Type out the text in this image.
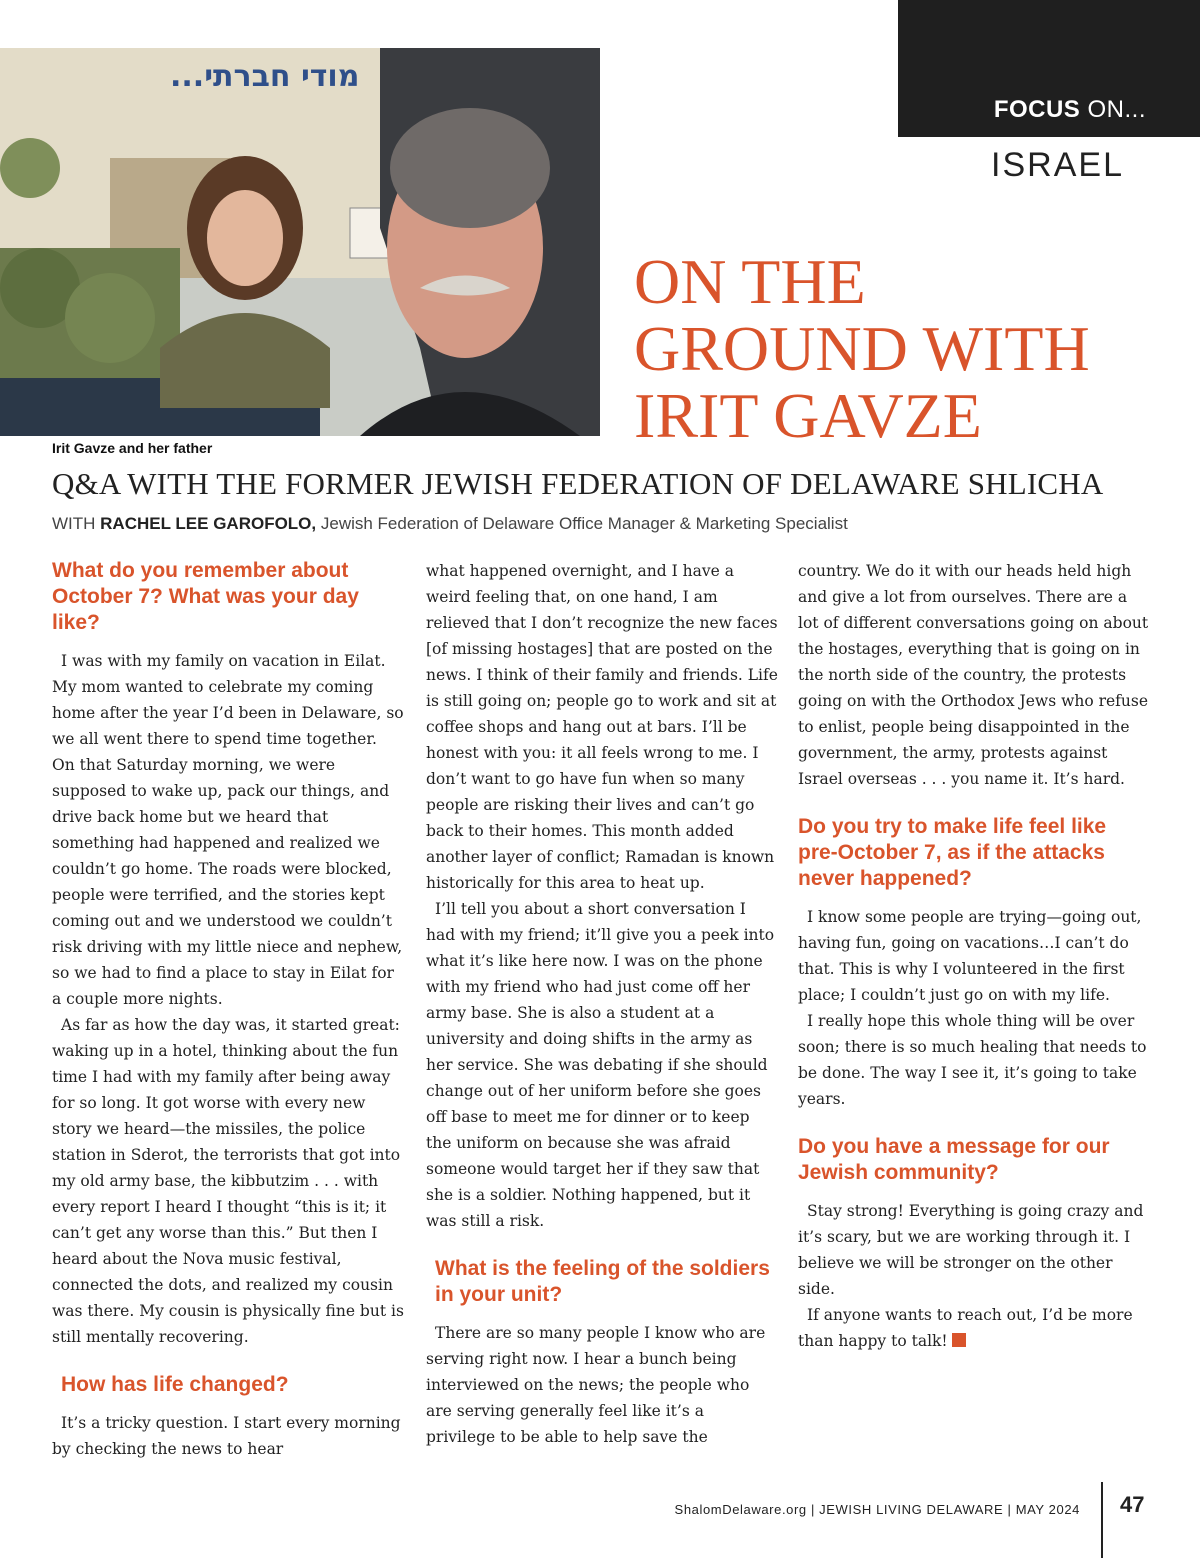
...מודי חברתי
Irit Gavze and her father
FOCUS ON...
ISRAEL
ON THE
GROUND WITH
IRIT GAVZE
Q&A WITH THE FORMER JEWISH FEDERATION OF DELAWARE SHLICHA
WITH RACHEL LEE GAROFOLO, Jewish Federation of Delaware Office Manager & Marketing Specialist
What do you remember about October 7? What was your day like?

I was with my family on vacation in Eilat. My mom wanted to celebrate my coming home after the year I’d been in Delaware, so we all went there to spend time together. On that Saturday morning, we were supposed to wake up, pack our things, and drive back home but we heard that something had happened and realized we couldn’t go home. The roads were blocked, people were terrified, and the stories kept coming out and we understood we couldn’t risk driving with my little niece and nephew, so we had to find a place to stay in Eilat for a couple more nights.

As far as how the day was, it started great: waking up in a hotel, thinking about the fun time I had with my family after being away for so long. It got worse with every new story we heard—the missiles, the police station in Sderot, the terrorists that got into my old army base, the kibbutzim . . . with every report I heard I thought “this is it; it can’t get any worse than this.” But then I heard about the Nova music festival, connected the dots, and realized my cousin was there. My cousin is physically fine but is still mentally recovering.

How has life changed?

It’s a tricky question. I start every morning by checking the news to hear

what happened overnight, and I have a weird feeling that, on one hand, I am relieved that I don’t recognize the new faces [of missing hostages] that are posted on the news. I think of their family and friends. Life is still going on; people go to work and sit at coffee shops and hang out at bars. I’ll be honest with you: it all feels wrong to me. I don’t want to go have fun when so many people are risking their lives and can’t go back to their homes. This month added another layer of conflict; Ramadan is known historically for this area to heat up.

I’ll tell you about a short conversation I had with my friend; it’ll give you a peek into what it’s like here now. I was on the phone with my friend who had just come off her army base. She is also a student at a university and doing shifts in the army as her service. She was debating if she should change out of her uniform before she goes off base to meet me for dinner or to keep the uniform on because she was afraid someone would target her if they saw that she is a soldier. Nothing happened, but it was still a risk.

What is the feeling of the soldiers in your unit?

There are so many people I know who are serving right now. I hear a bunch being interviewed on the news; the people who are serving generally feel like it’s a privilege to be able to help save the

country. We do it with our heads held high and give a lot from ourselves. There are a lot of different conversations going on about the hostages, everything that is going on in the north side of the country, the protests going on with the Orthodox Jews who refuse to enlist, people being disappointed in the government, the army, protests against Israel overseas . . . you name it. It’s hard.

Do you try to make life feel like pre-October 7, as if the attacks never happened?

I know some people are trying—going out, having fun, going on vacations…I can’t do that. This is why I volunteered in the first place; I couldn’t just go on with my life.

I really hope this whole thing will be over soon; there is so much healing that needs to be done. The way I see it, it’s going to take years.

Do you have a message for our Jewish community?

Stay strong! Everything is going crazy and it’s scary, but we are working through it. I believe we will be stronger on the other side.

If anyone wants to reach out, I’d be more than happy to talk!

ShalomDelaware.org | JEWISH LIVING DELAWARE | MAY 2024 47
